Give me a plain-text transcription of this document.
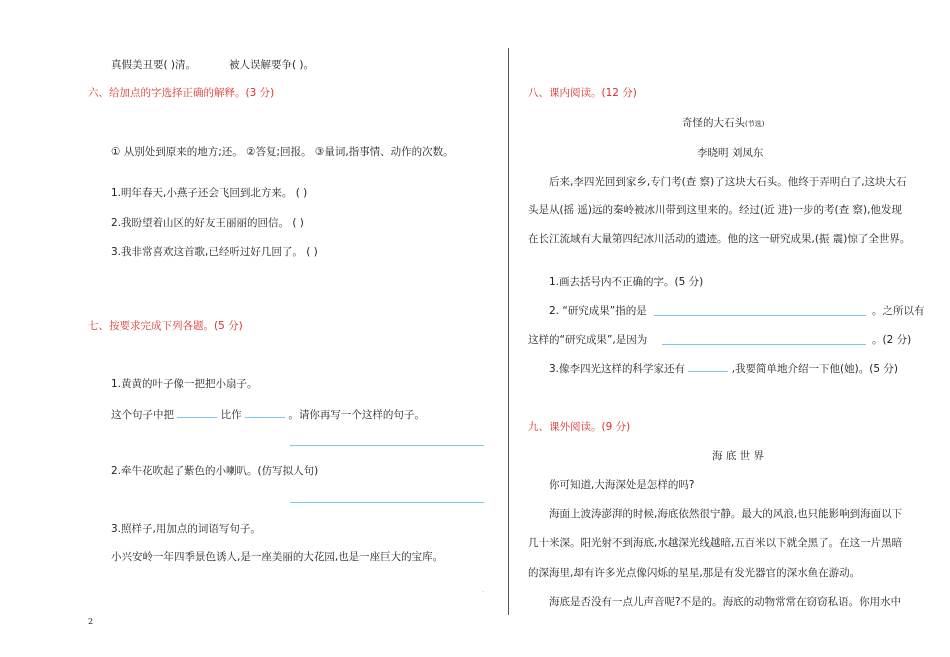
真假美丑要( )清。	被人误解要争( )。
六、给加点的字选择正确的解释。(3 分)
① 从别处到原来的地方;还。 ②答复;回报。 ③量词,指事情、动作的次数。
1.明年春天,小燕子还会飞回到北方来。 ( )
2.我盼望着山区的好友王丽丽的回信。 ( )
3.我非常喜欢这首歌,已经听过好几回了。 ( )
七、按要求完成下列各题。(5 分)
1.黄黄的叶子像一把把小扇子。
这个句子中把	比作	。请你再写一个这样的句子。
2.牵牛花吹起了紫色的小喇叭。(仿写拟人句)
3.照样子,用加点的词语写句子。
小兴安岭一年四季景色诱人,是一座美丽的大花园,也是一座巨大的宝库。
.
八、课内阅读。(12 分)
奇怪的大石头(节选)
李晓明 刘凤东
后来,李四光回到家乡,专门考(查 察)了这块大石头。他终于弄明白了,这块大石
头是从(摇 遥)远的秦岭被冰川带到这里来的。经过(近 进)一步的考(查 察),他发现
在长江流域有大量第四纪冰川活动的遗迹。他的这一研究成果,(振 震)惊了全世界。
1.画去括号内不正确的字。(5 分)
2. “研究成果”指的是	。之所以有
这样的“研究成果”,是因为	。(2 分)
3.像李四光这样的科学家还有	,我要简单地介绍一下他(她)。(5 分)
九、课外阅读。(9 分)
海 底 世 界
你可知道,大海深处是怎样的吗?
海面上波涛澎湃的时候,海底依然很宁静。最大的风浪,也只能影响到海面以下
几十米深。阳光射不到海底,水越深光线越暗,五百米以下就全黑了。在这一片黑暗
的深海里,却有许多光点像闪烁的星星,那是有发光器官的深水鱼在游动。
海底是否没有一点儿声音呢?不是的。海底的动物常常在窃窃私语。你用水中
2
